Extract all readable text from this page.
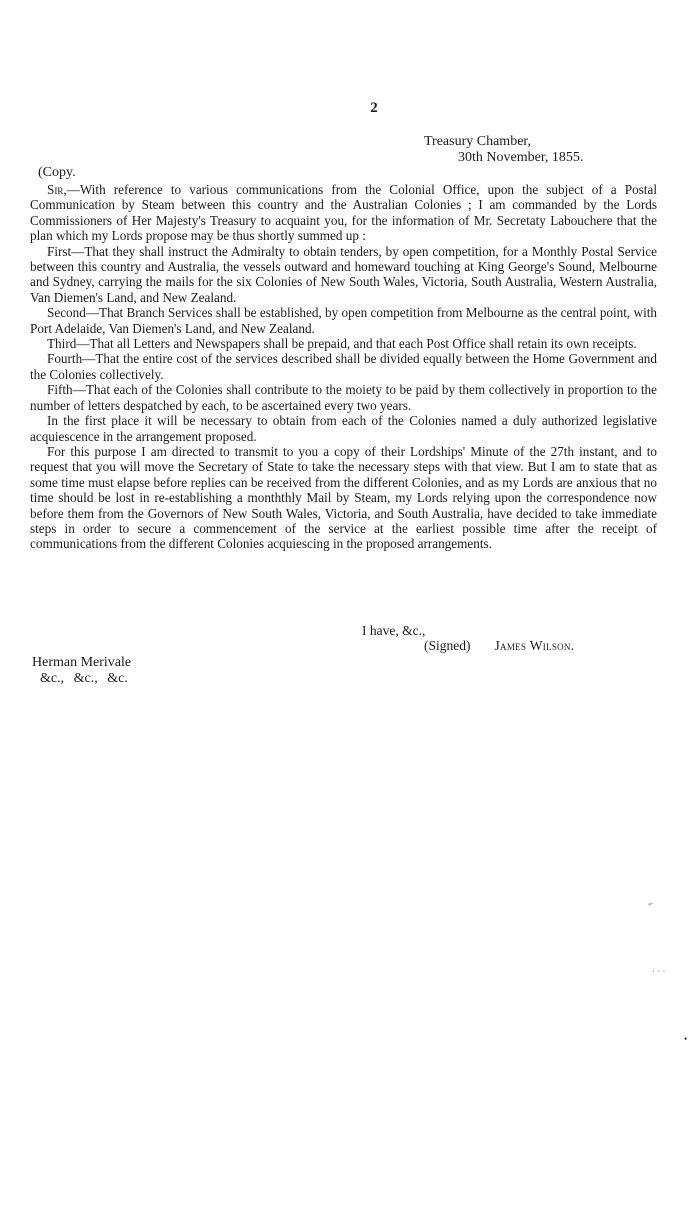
2
Treasury Chamber,
30th November, 1855.
(Copy.

Sir,—With reference to various communications from the Colonial Office, upon the subject of a Postal Communication by Steam between this country and the Australian Colonies ; I am commanded by the Lords Commissioners of Her Majesty's Treasury to acquaint you, for the information of Mr. Secretaty Labouchere that the plan which my Lords propose may be thus shortly summed up :

First—That they shall instruct the Admiralty to obtain tenders, by open competition, for a Monthly Postal Service between this country and Australia, the vessels outward and homeward touching at King George's Sound, Melbourne and Sydney, carrying the mails for the six Colonies of New South Wales, Victoria, South Australia, Western Australia, Van Diemen's Land, and New Zealand.

Second—That Branch Services shall be established, by open competition from Melbourne as the central point, with Port Adelaide, Van Diemen's Land, and New Zealand.

Third—That all Letters and Newspapers shall be prepaid, and that each Post Office shall retain its own receipts.

Fourth—That the entire cost of the services described shall be divided equally between the Home Government and the Colonies collectively.

Fifth—That each of the Colonies shall contribute to the moiety to be paid by them collectively in proportion to the number of letters despatched by each, to be ascertained every two years.

In the first place it will be necessary to obtain from each of the Colonies named a duly authorized legislative acquiescence in the arrangement proposed.

For this purpose I am directed to transmit to you a copy of their Lordships' Minute of the 27th instant, and to request that you will move the Secretary of State to take the necessary steps with that view. But I am to state that as some time must elapse before replies can be received from the different Colonies, and as my Lords are anxious that no time should be lost in re-establishing a monththly Mail by Steam, my Lords relying upon the correspondence now before them from the Governors of New South Wales, Victoria, and South Australia, have decided to take immediate steps in order to secure a commencement of the service at the earliest possible time after the receipt of communications from the different Colonies acquiescing in the proposed arrangements.

I have, &c.,
(Signed) James Wilson.
Herman Merivale
&c., &c., &c.
-̶
· · ·
•
